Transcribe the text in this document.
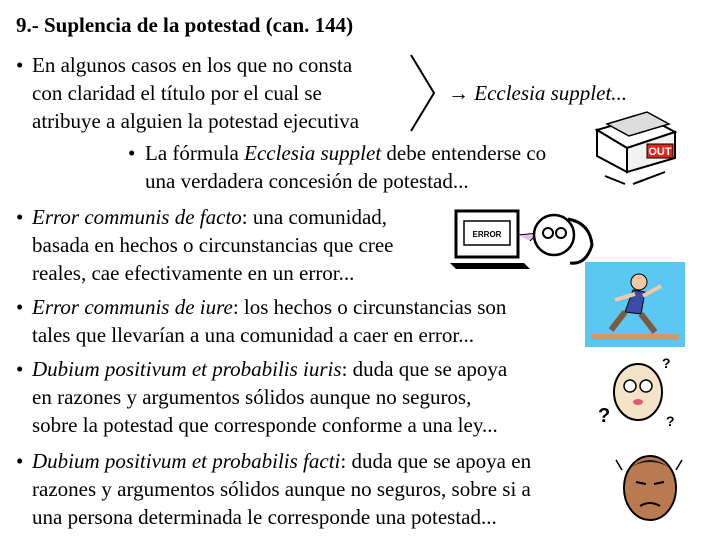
9.- Suplencia de la potestad (can. 144)
• En algunos casos en los que no consta
con claridad el título por el cual se
atribuye a alguien la potestad ejecutiva
→ Ecclesia supplet...
• La fórmula Ecclesia supplet debe entenderse co
una verdadera concesión de potestad...
• Error communis de facto: una comunidad,
basada en hechos o circunstancias que cree
reales, cae efectivamente en un error...
• Error communis de iure: los hechos o circunstancias son
tales que llevarían a una comunidad a caer en error...
• Dubium positivum et probabilis iuris: duda que se apoya
en razones y argumentos sólidos aunque no seguros,
sobre la potestad que corresponde conforme a una ley...
• Dubium positivum et probabilis facti: duda que se apoya en
razones y argumentos sólidos aunque no seguros, sobre si a
una persona determinada le corresponde una potestad...
OUT
ERROR
?
?
?
